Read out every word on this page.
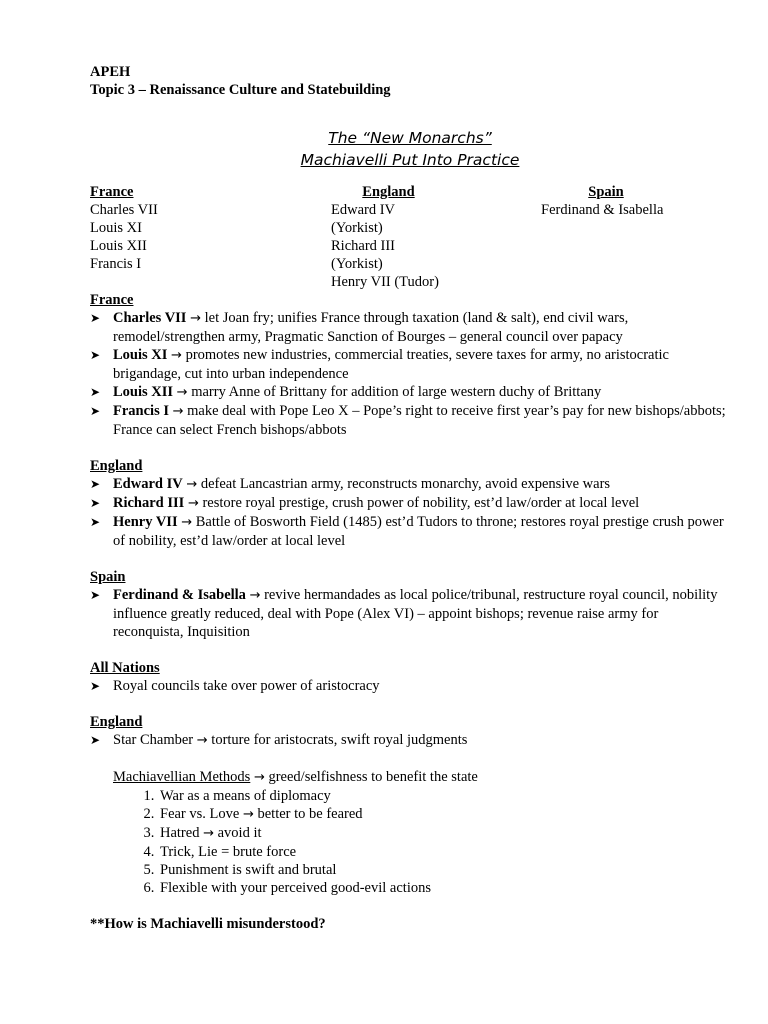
APEH
Topic 3 – Renaissance Culture and Statebuilding
The “New Monarchs”
Machiavelli Put Into Practice
France
Charles VII
Louis XI
Louis XII
Francis I
England
Edward IV (Yorkist)
Richard III (Yorkist)
Henry VII (Tudor)
Spain
Ferdinand & Isabella
France
➤ Charles VII → let Joan fry; unifies France through taxation (land & salt), end civil wars, remodel/strengthen army, Pragmatic Sanction of Bourges – general council over papacy
➤ Louis XI → promotes new industries, commercial treaties, severe taxes for army, no aristocratic brigandage, cut into urban independence
➤ Louis XII → marry Anne of Brittany for addition of large western duchy of Brittany
➤ Francis I → make deal with Pope Leo X – Pope’s right to receive first year’s pay for new bishops/abbots; France can select French bishops/abbots
England
➤ Edward IV → defeat Lancastrian army, reconstructs monarchy, avoid expensive wars
➤ Richard III → restore royal prestige, crush power of nobility, est’d law/order at local level
➤ Henry VII → Battle of Bosworth Field (1485) est’d Tudors to throne; restores royal prestige crush power of nobility, est’d law/order at local level
Spain
➤ Ferdinand & Isabella → revive hermandades as local police/tribunal, restructure royal council, nobility influence greatly reduced, deal with Pope (Alex VI) – appoint bishops; revenue raise army for reconquista, Inquisition
All Nations
➤ Royal councils take over power of aristocracy
England
➤ Star Chamber → torture for aristocrats, swift royal judgments
Machiavellian Methods → greed/selfishness to benefit the state
1. War as a means of diplomacy
2. Fear vs. Love → better to be feared
3. Hatred → avoid it
4. Trick, Lie = brute force
5. Punishment is swift and brutal
6. Flexible with your perceived good-evil actions
**How is Machiavelli misunderstood?
